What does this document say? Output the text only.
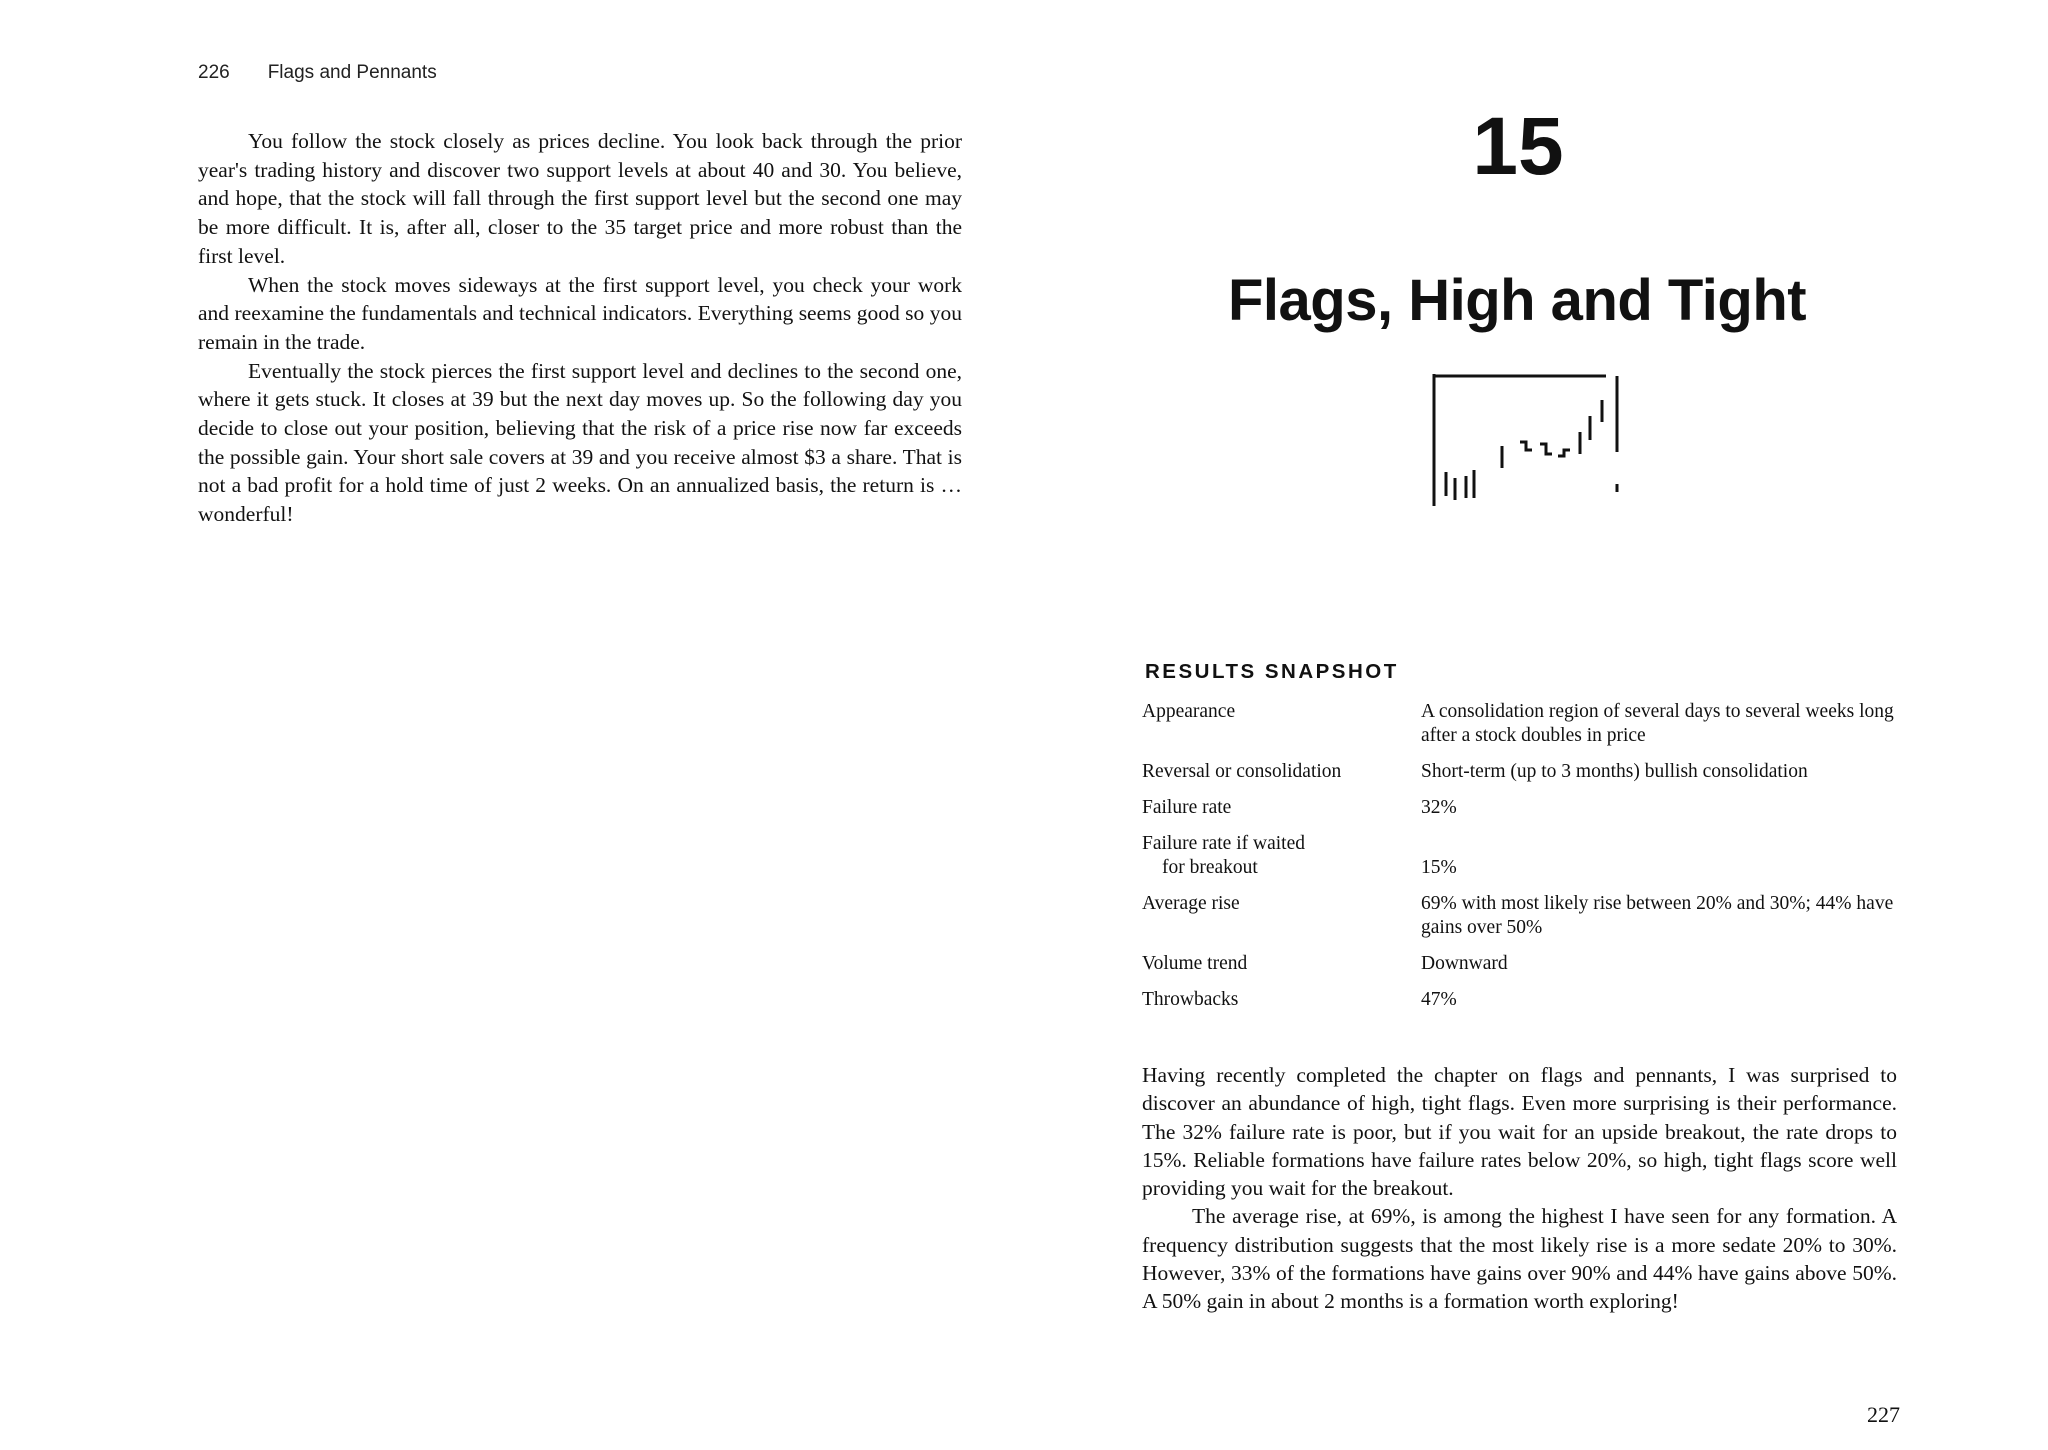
226 Flags and Pennants

You follow the stock closely as prices decline. You look back through the prior year's trading history and discover two support levels at about 40 and 30. You believe, and hope, that the stock will fall through the first support level but the second one may be more difficult. It is, after all, closer to the 35 target price and more robust than the first level.

When the stock moves sideways at the first support level, you check your work and reexamine the fundamentals and technical indicators. Everything seems good so you remain in the trade.

Eventually the stock pierces the first support level and declines to the second one, where it gets stuck. It closes at 39 but the next day moves up. So the following day you decide to close out your position, believing that the risk of a price rise now far exceeds the possible gain. Your short sale covers at 39 and you receive almost $3 a share. That is not a bad profit for a hold time of just 2 weeks. On an annualized basis, the return is … wonderful!

15
Flags, High and Tight
RESULTS SNAPSHOT
Appearance	A consolidation region of several days to several weeks long after a stock doubles in price
Reversal or consolidation	Short-term (up to 3 months) bullish consolidation
Failure rate	32%
Failure rate if waited
for breakout	15%
Average rise	69% with most likely rise between 20% and 30%; 44% have gains over 50%
Volume trend	Downward
Throwbacks	47%

Having recently completed the chapter on flags and pennants, I was surprised to discover an abundance of high, tight flags. Even more surprising is their performance. The 32% failure rate is poor, but if you wait for an upside breakout, the rate drops to 15%. Reliable formations have failure rates below 20%, so high, tight flags score well providing you wait for the breakout.

The average rise, at 69%, is among the highest I have seen for any formation. A frequency distribution suggests that the most likely rise is a more sedate 20% to 30%. However, 33% of the formations have gains over 90% and 44% have gains above 50%. A 50% gain in about 2 months is a formation worth exploring!

227
